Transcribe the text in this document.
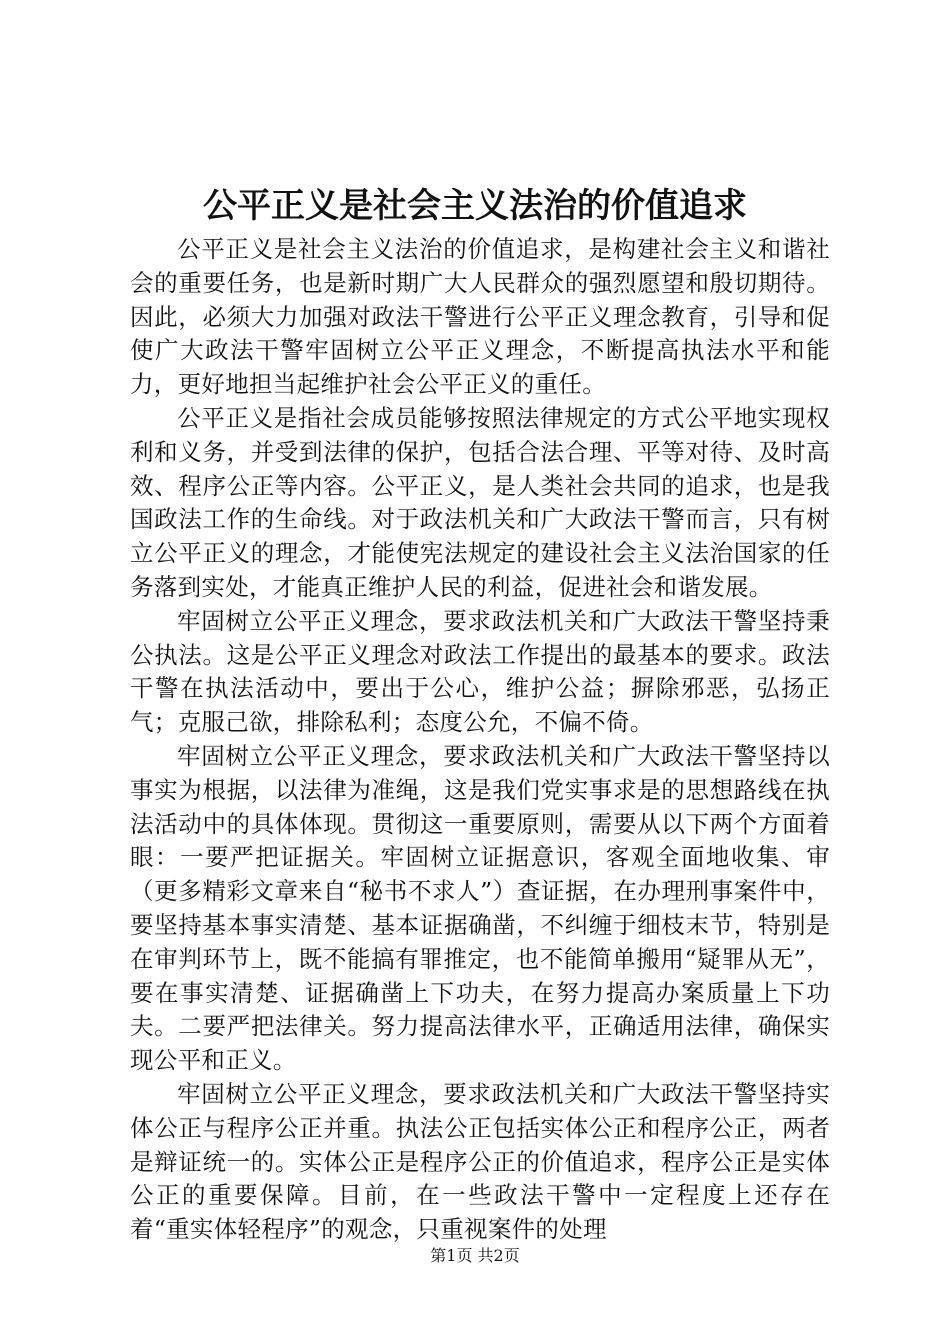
公平正义是社会主义法治的价值追求

公平正义是社会主义法治的价值追求，是构建社会主义和谐社会的重要任务，也是新时期广大人民群众的强烈愿望和殷切期待。因此，必须大力加强对政法干警进行公平正义理念教育，引导和促使广大政法干警牢固树立公平正义理念，不断提高执法水平和能力，更好地担当起维护社会公平正义的重任。

公平正义是指社会成员能够按照法律规定的方式公平地实现权利和义务，并受到法律的保护，包括合法合理、平等对待、及时高效、程序公正等内容。公平正义，是人类社会共同的追求，也是我国政法工作的生命线。对于政法机关和广大政法干警而言，只有树立公平正义的理念，才能使宪法规定的建设社会主义法治国家的任务落到实处，才能真正维护人民的利益，促进社会和谐发展。

牢固树立公平正义理念，要求政法机关和广大政法干警坚持秉公执法。这是公平正义理念对政法工作提出的最基本的要求。政法干警在执法活动中，要出于公心，维护公益；摒除邪恶，弘扬正气；克服己欲，排除私利；态度公允，不偏不倚。

牢固树立公平正义理念，要求政法机关和广大政法干警坚持以事实为根据，以法律为准绳，这是我们党实事求是的思想路线在执法活动中的具体体现。贯彻这一重要原则，需要从以下两个方面着眼：一要严把证据关。牢固树立证据意识，客观全面地收集、审（更多精彩文章来自“秘书不求人”）查证据，在办理刑事案件中，要坚持基本事实清楚、基本证据确凿，不纠缠于细枝末节，特别是在审判环节上，既不能搞有罪推定，也不能简单搬用“疑罪从无”，要在事实清楚、证据确凿上下功夫，在努力提高办案质量上下功夫。二要严把法律关。努力提高法律水平，正确适用法律，确保实现公平和正义。

牢固树立公平正义理念，要求政法机关和广大政法干警坚持实体公正与程序公正并重。执法公正包括实体公正和程序公正，两者是辩证统一的。实体公正是程序公正的价值追求，程序公正是实体公正的重要保障。目前，在一些政法干警中一定程度上还存在着“重实体轻程序”的观念，只重视案件的处理

第1页 共2页
